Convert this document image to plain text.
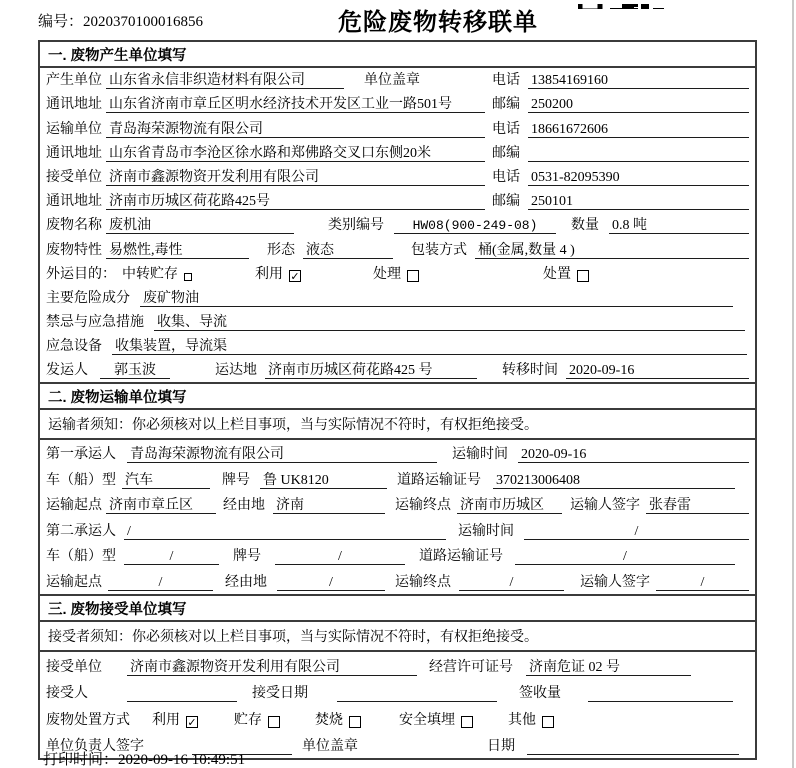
编号：2020370100016856	危险废物转移联单
一. 废物产生单位填写
产生单位 山东省永信非织造材料有限公司	单位盖章	电话 13854169160
通讯地址 山东省济南市章丘区明水经济技术开发区工业一路501号	邮编 250200
运输单位 青岛海荣源物流有限公司	电话 18661672606
通讯地址 山东省青岛市李沧区徐水路和郑佛路交叉口东侧20米	邮编
接受单位 济南市鑫源物资开发利用有限公司	电话 0531-82095390
通讯地址 济南市历城区荷花路425号	邮编 250101
废物名称 废机油	类别编号	HW08(900-249-08)	数量 0.8 吨
废物特性 易燃性,毒性	形态 液态	包装方式 桶(金属,数量 4 )
外运目的： 中转贮存	利用 ✓	处理	处置
主要危险成分 废矿物油
禁忌与应急措施 收集、导流
应急设备 收集装置，导流渠
发运人	郭玉波	运达地 济南市历城区荷花路425 号	转移时间 2020-09-16
二. 废物运输单位填写
运输者须知：你必须核对以上栏目事项，当与实际情况不符时，有权拒绝接受。
第一承运人 青岛海荣源物流有限公司	运输时间 2020-09-16
车（船）型 汽车	牌号 鲁 UK8120	道路运输证号 370213006408
运输起点 济南市章丘区	经由地 济南	运输终点 济南市历城区	运输人签字 张春雷
第二承运人 /	运输时间	/
车（船）型	/	牌号	/	道路运输证号	/
运输起点	/	经由地	/	运输终点	/	运输人签字	/
三. 废物接受单位填写
接受者须知：你必须核对以上栏目事项，当与实际情况不符时，有权拒绝接受。
接受单位 济南市鑫源物资开发利用有限公司	经营许可证号 济南危证 02 号
接受人	接受日期	签收量
废物处置方式 利用 ✓	贮存	焚烧	安全填埋	其他
单位负责人签字	单位盖章	日期
打印时间：2020-09-16 10:49:51
